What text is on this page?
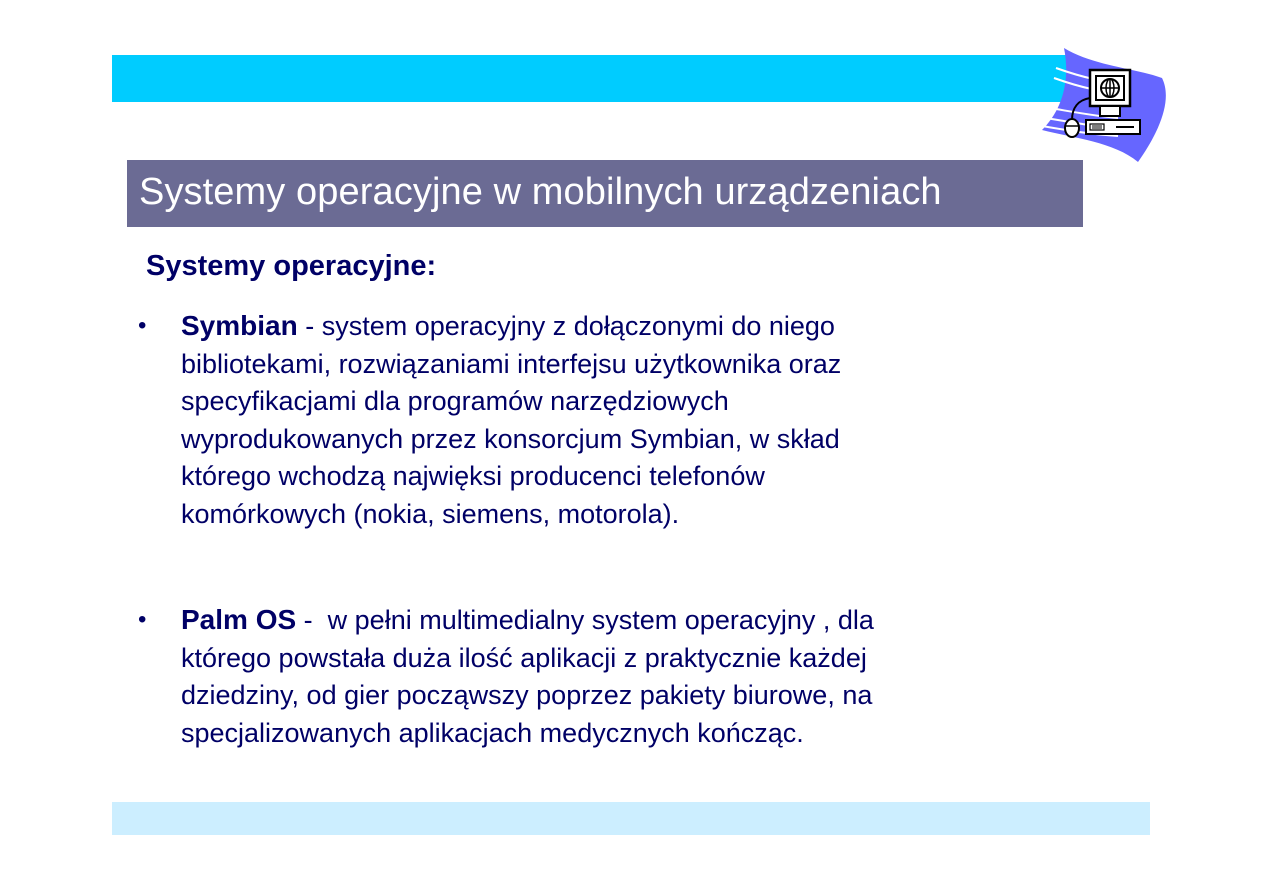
Systemy operacyjne w mobilnych urządzeniach
Systemy operacyjne:
• Symbian - system operacyjny z dołączonymi do niego
bibliotekami, rozwiązaniami interfejsu użytkownika oraz
specyfikacjami dla programów narzędziowych
wyprodukowanych przez konsorcjum Symbian, w skład
którego wchodzą najwięksi producenci telefonów
komórkowych (nokia, siemens, motorola).
• Palm OS -  w pełni multimedialny system operacyjny , dla
którego powstała duża ilość aplikacji z praktycznie każdej
dziedziny, od gier począwszy poprzez pakiety biurowe, na
specjalizowanych aplikacjach medycznych kończąc.
